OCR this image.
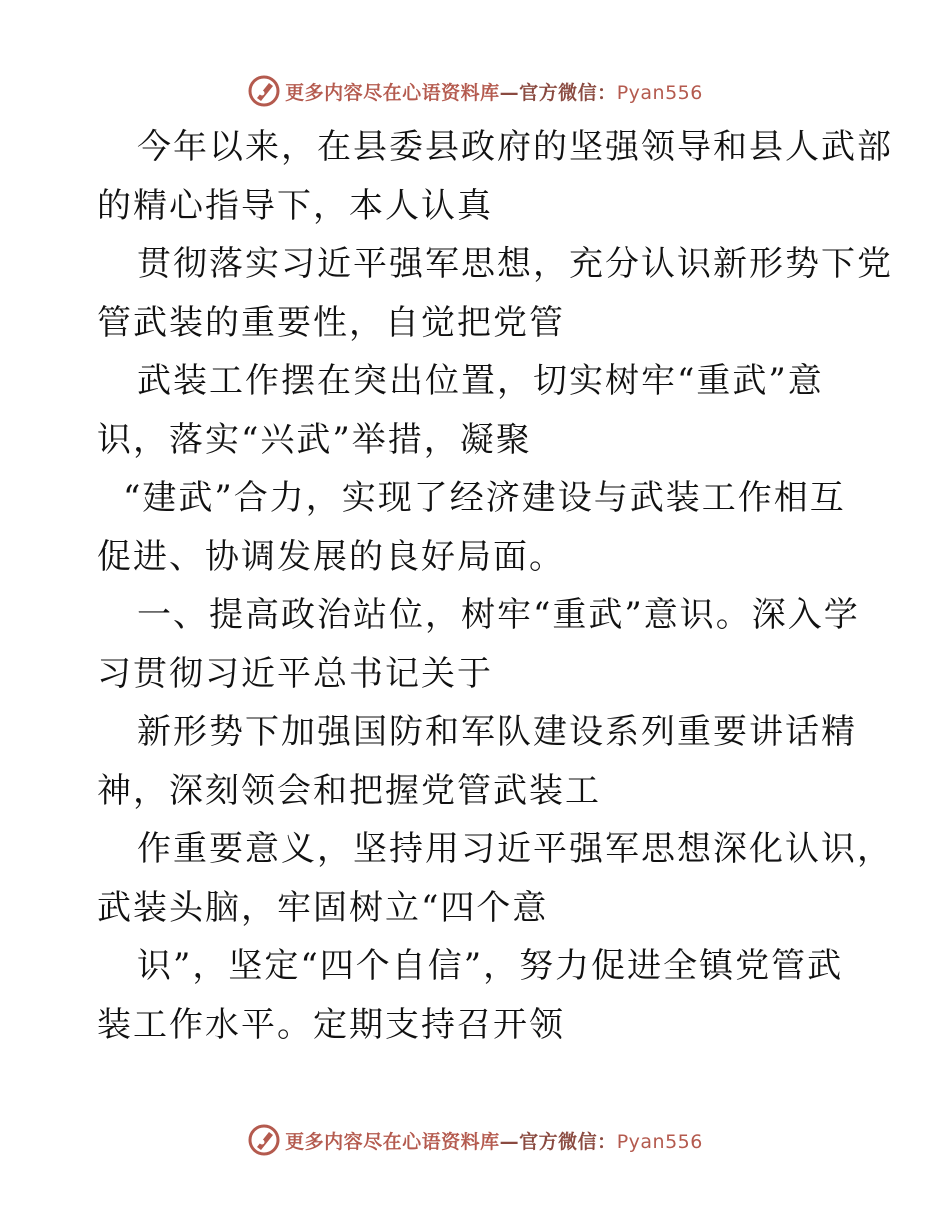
更多内容尽在心语资料库—官方微信：Pyan556
今年以来，在县委县政府的坚强领导和县人武部
的精心指导下，本人认真
贯彻落实习近平强军思想，充分认识新形势下党
管武装的重要性，自觉把党管
武装工作摆在突出位置，切实树牢“重武”意
识，落实“兴武”举措，凝聚
“建武”合力，实现了经济建设与武装工作相互
促进、协调发展的良好局面。
一、提高政治站位，树牢“重武”意识。深入学
习贯彻习近平总书记关于
新形势下加强国防和军队建设系列重要讲话精
神，深刻领会和把握党管武装工
作重要意义，坚持用习近平强军思想深化认识，
武装头脑，牢固树立“四个意
识”，坚定“四个自信”，努力促进全镇党管武
装工作水平。定期支持召开领
更多内容尽在心语资料库—官方微信：Pyan556
